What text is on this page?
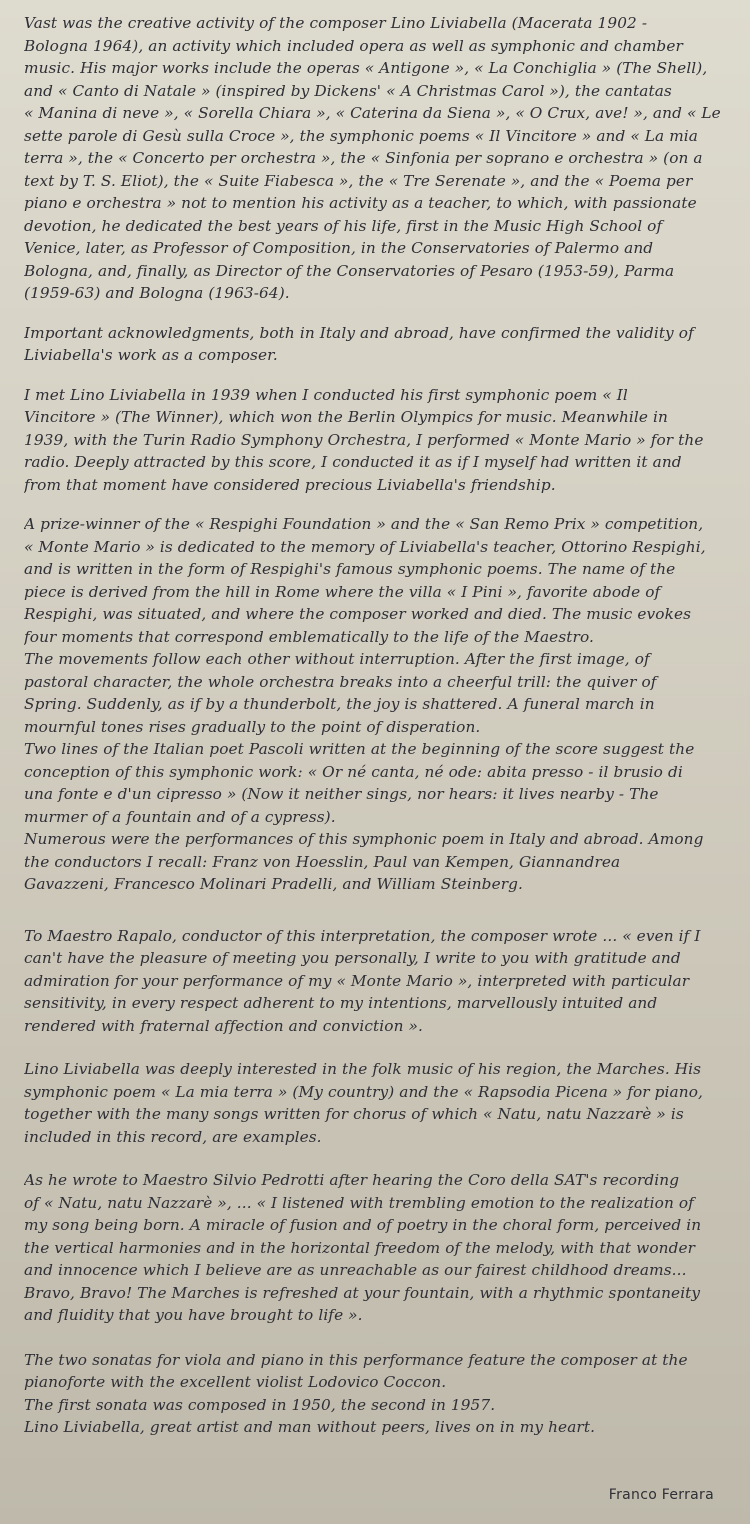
Vast was the creative activity of the composer Lino Liviabella (Macerata 1902 -
Bologna 1964), an activity which included opera as well as symphonic and chamber
music. His major works include the operas « Antigone », « La Conchiglia » (The Shell),
and « Canto di Natale » (inspired by Dickens' « A Christmas Carol »), the cantatas
« Manina di neve », « Sorella Chiara », « Caterina da Siena », « O Crux, ave! », and « Le
sette parole di Gesù sulla Croce », the symphonic poems « Il Vincitore » and « La mia
terra », the « Concerto per orchestra », the « Sinfonia per soprano e orchestra » (on a
text by T. S. Eliot), the « Suite Fiabesca », the « Tre Serenate », and the « Poema per
piano e orchestra » not to mention his activity as a teacher, to which, with passionate
devotion, he dedicated the best years of his life, first in the Music High School of
Venice, later, as Professor of Composition, in the Conservatories of Palermo and
Bologna, and, finally, as Director of the Conservatories of Pesaro (1953-59), Parma
(1959-63) and Bologna (1963-64).

Important acknowledgments, both in Italy and abroad, have confirmed the validity of
Liviabella's work as a composer.

I met Lino Liviabella in 1939 when I conducted his first symphonic poem « Il
Vincitore » (The Winner), which won the Berlin Olympics for music. Meanwhile in
1939, with the Turin Radio Symphony Orchestra, I performed « Monte Mario » for the
radio. Deeply attracted by this score, I conducted it as if I myself had written it and
from that moment have considered precious Liviabella's friendship.

A prize-winner of the « Respighi Foundation » and the « San Remo Prix » competition,
« Monte Mario » is dedicated to the memory of Liviabella's teacher, Ottorino Respighi,
and is written in the form of Respighi's famous symphonic poems. The name of the
piece is derived from the hill in Rome where the villa « I Pini », favorite abode of
Respighi, was situated, and where the composer worked and died. The music evokes
four moments that correspond emblematically to the life of the Maestro.
The movements follow each other without interruption. After the first image, of
pastoral character, the whole orchestra breaks into a cheerful trill: the quiver of
Spring. Suddenly, as if by a thunderbolt, the joy is shattered. A funeral march in
mournful tones rises gradually to the point of disperation.
Two lines of the Italian poet Pascoli written at the beginning of the score suggest the
conception of this symphonic work: « Or né canta, né ode: abita presso - il brusio di
una fonte e d'un cipresso » (Now it neither sings, nor hears: it lives nearby - The
murmer of a fountain and of a cypress).
Numerous were the performances of this symphonic poem in Italy and abroad. Among
the conductors I recall: Franz von Hoesslin, Paul van Kempen, Giannandrea
Gavazzeni, Francesco Molinari Pradelli, and William Steinberg.

To Maestro Rapalo, conductor of this interpretation, the composer wrote ... « even if I
can't have the pleasure of meeting you personally, I write to you with gratitude and
admiration for your performance of my « Monte Mario », interpreted with particular
sensitivity, in every respect adherent to my intentions, marvellously intuited and
rendered with fraternal affection and conviction ».

Lino Liviabella was deeply interested in the folk music of his region, the Marches. His
symphonic poem « La mia terra » (My country) and the « Rapsodia Picena » for piano,
together with the many songs written for chorus of which « Natu, natu Nazzarè » is
included in this record, are examples.

As he wrote to Maestro Silvio Pedrotti after hearing the Coro della SAT's recording
of « Natu, natu Nazzarè », ... « I listened with trembling emotion to the realization of
my song being born. A miracle of fusion and of poetry in the choral form, perceived in
the vertical harmonies and in the horizontal freedom of the melody, with that wonder
and innocence which I believe are as unreachable as our fairest childhood dreams...
Bravo, Bravo! The Marches is refreshed at your fountain, with a rhythmic spontaneity
and fluidity that you have brought to life ».

The two sonatas for viola and piano in this performance feature the composer at the
pianoforte with the excellent violist Lodovico Coccon.
The first sonata was composed in 1950, the second in 1957.
Lino Liviabella, great artist and man without peers, lives on in my heart.

Franco Ferrara
